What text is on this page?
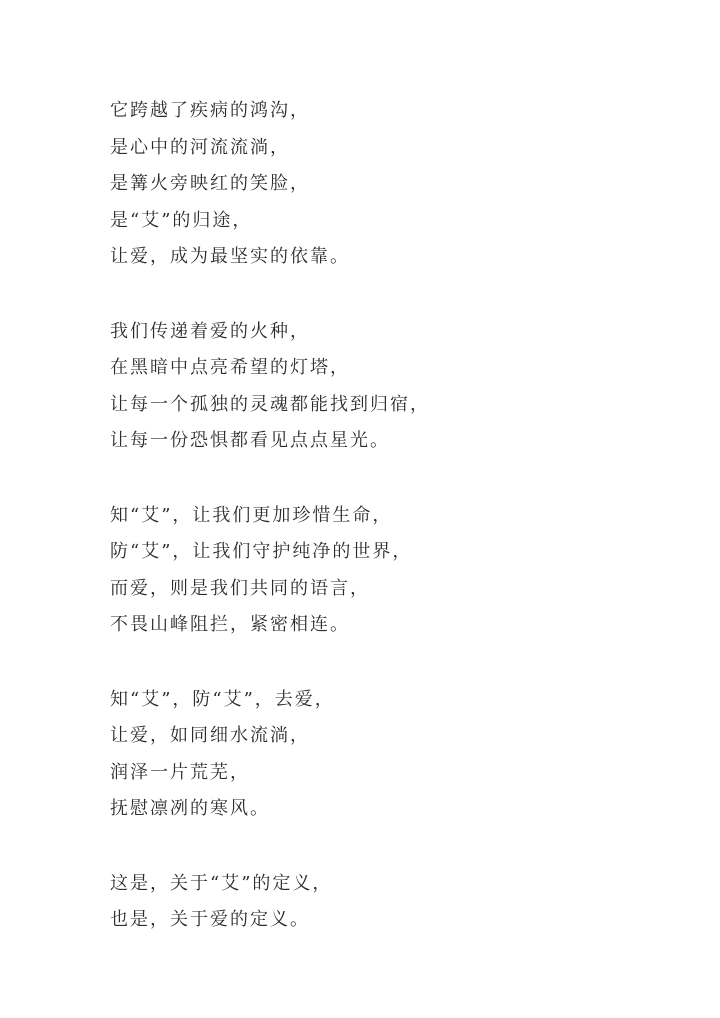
它跨越了疾病的鸿沟，
是心中的河流流淌，
是篝火旁映红的笑脸，
是“艾”的归途，
让爱，成为最坚实的依靠。
我们传递着爱的火种，
在黑暗中点亮希望的灯塔，
让每一个孤独的灵魂都能找到归宿，
让每一份恐惧都看见点点星光。
知“艾”，让我们更加珍惜生命，
防“艾”，让我们守护纯净的世界，
而爱，则是我们共同的语言，
不畏山峰阻拦，紧密相连。
知“艾”，防“艾”，去爱，
让爱，如同细水流淌，
润泽一片荒芜，
抚慰凛冽的寒风。
这是，关于“艾”的定义，
也是，关于爱的定义。
